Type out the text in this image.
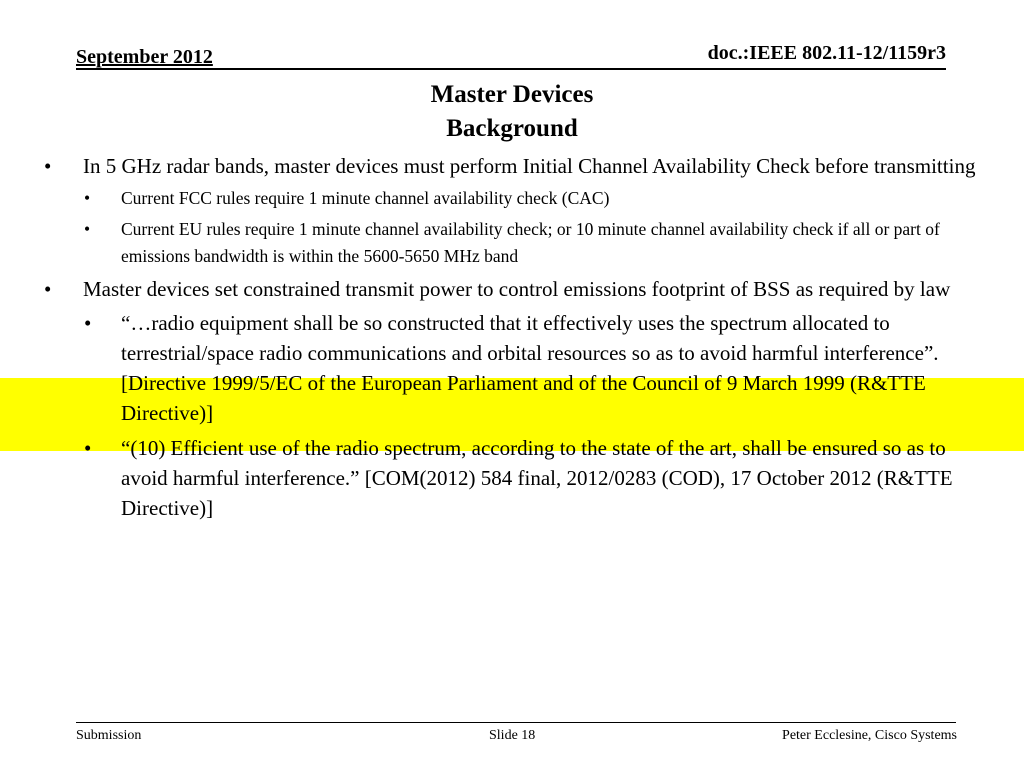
September 2012	doc.:IEEE 802.11-12/1159r3
Master Devices
Background
• In 5 GHz radar bands, master devices must perform Initial Channel Availability Check before transmitting
• Current FCC rules require 1 minute channel availability check (CAC)
• Current EU rules require 1 minute channel availability check; or 10 minute channel availability check if all or part of emissions bandwidth is within the 5600-5650 MHz band
• Master devices set constrained transmit power to control emissions footprint of BSS as required by law
• “…radio equipment shall be so constructed that it effectively uses the spectrum allocated to terrestrial/space radio communications and orbital resources so as to avoid harmful interference”. [Directive 1999/5/EC of the European Parliament and of the Council of 9 March 1999 (R&TTE Directive)]
• “(10) Efficient use of the radio spectrum, according to the state of the art, shall be ensured so as to avoid harmful interference.” [COM(2012) 584 final, 2012/0283 (COD), 17 October 2012 (R&TTE Directive)]
Submission	Slide 18	Peter Ecclesine, Cisco Systems
